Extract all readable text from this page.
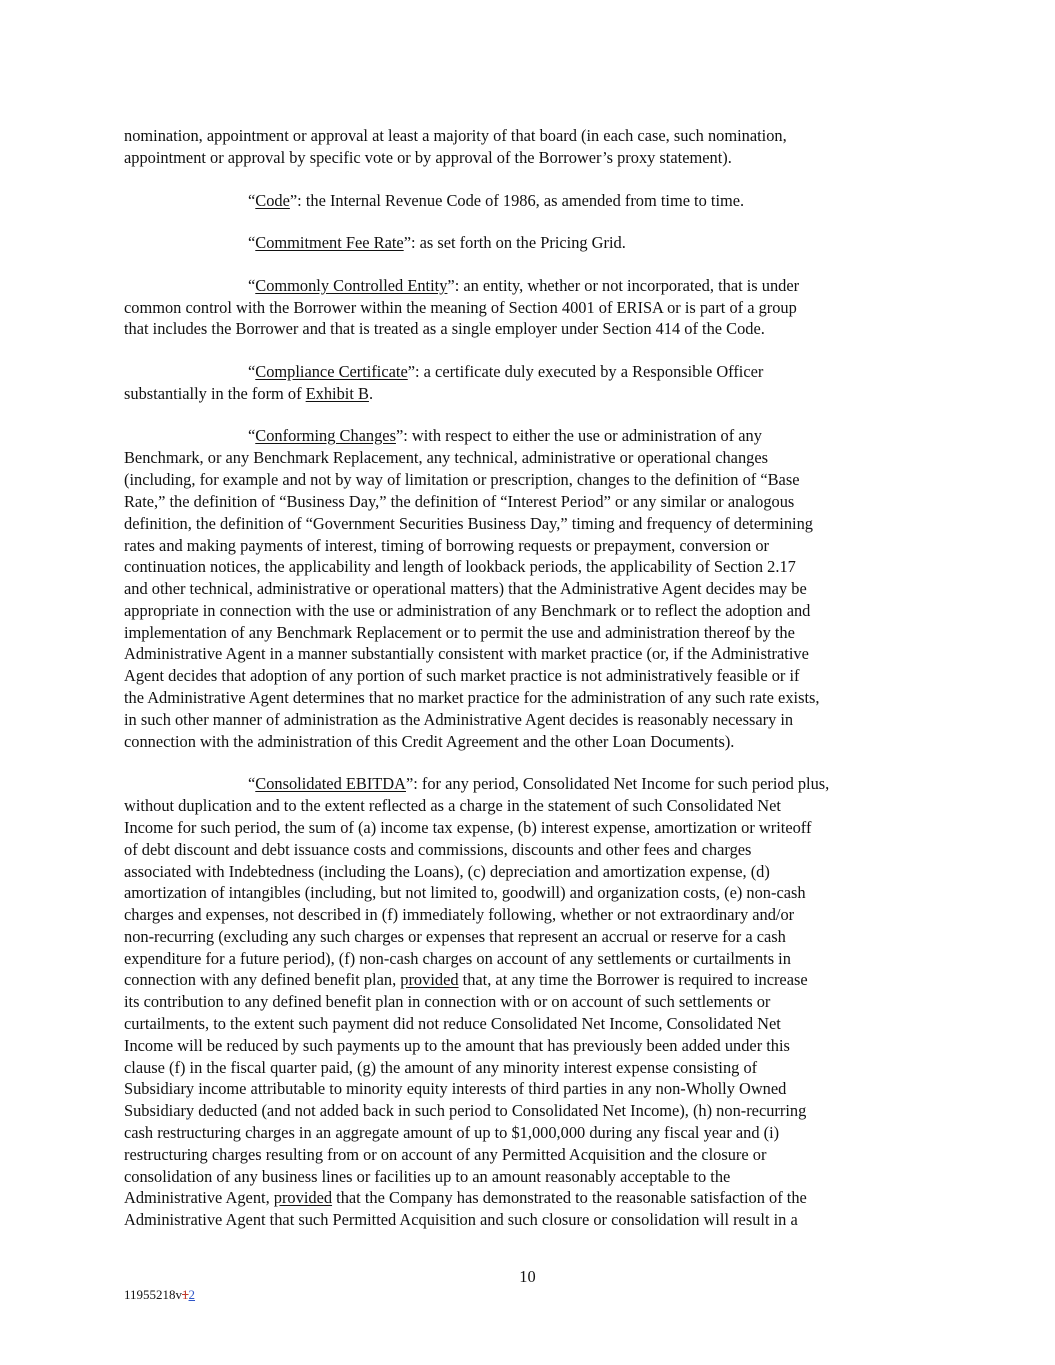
nomination, appointment or approval at least a majority of that board (in each case, such nomination,
appointment or approval by specific vote or by approval of the Borrower’s proxy statement).
“Code”: the Internal Revenue Code of 1986, as amended from time to time.
“Commitment Fee Rate”: as set forth on the Pricing Grid.
“Commonly Controlled Entity”: an entity, whether or not incorporated, that is under
common control with the Borrower within the meaning of Section 4001 of ERISA or is part of a group
that includes the Borrower and that is treated as a single employer under Section 414 of the Code.
“Compliance Certificate”: a certificate duly executed by a Responsible Officer
substantially in the form of Exhibit B.
“Conforming Changes”: with respect to either the use or administration of any
Benchmark, or any Benchmark Replacement, any technical, administrative or operational changes
(including, for example and not by way of limitation or prescription, changes to the definition of “Base
Rate,” the definition of “Business Day,” the definition of “Interest Period” or any similar or analogous
definition, the definition of “Government Securities Business Day,” timing and frequency of determining
rates and making payments of interest, timing of borrowing requests or prepayment, conversion or
continuation notices, the applicability and length of lookback periods, the applicability of Section 2.17
and other technical, administrative or operational matters) that the Administrative Agent decides may be
appropriate in connection with the use or administration of any Benchmark or to reflect the adoption and
implementation of any Benchmark Replacement or to permit the use and administration thereof by the
Administrative Agent in a manner substantially consistent with market practice (or, if the Administrative
Agent decides that adoption of any portion of such market practice is not administratively feasible or if
the Administrative Agent determines that no market practice for the administration of any such rate exists,
in such other manner of administration as the Administrative Agent decides is reasonably necessary in
connection with the administration of this Credit Agreement and the other Loan Documents).
“Consolidated EBITDA”: for any period, Consolidated Net Income for such period plus,
without duplication and to the extent reflected as a charge in the statement of such Consolidated Net
Income for such period, the sum of (a) income tax expense, (b) interest expense, amortization or writeoff
of debt discount and debt issuance costs and commissions, discounts and other fees and charges
associated with Indebtedness (including the Loans), (c) depreciation and amortization expense, (d)
amortization of intangibles (including, but not limited to, goodwill) and organization costs, (e) non-cash
charges and expenses, not described in (f) immediately following, whether or not extraordinary and/or
non-recurring (excluding any such charges or expenses that represent an accrual or reserve for a cash
expenditure for a future period), (f) non-cash charges on account of any settlements or curtailments in
connection with any defined benefit plan, provided that, at any time the Borrower is required to increase
its contribution to any defined benefit plan in connection with or on account of such settlements or
curtailments, to the extent such payment did not reduce Consolidated Net Income, Consolidated Net
Income will be reduced by such payments up to the amount that has previously been added under this
clause (f) in the fiscal quarter paid, (g) the amount of any minority interest expense consisting of
Subsidiary income attributable to minority equity interests of third parties in any non-Wholly Owned
Subsidiary deducted (and not added back in such period to Consolidated Net Income), (h) non-recurring
cash restructuring charges in an aggregate amount of up to $1,000,000 during any fiscal year and (i)
restructuring charges resulting from or on account of any Permitted Acquisition and the closure or
consolidation of any business lines or facilities up to an amount reasonably acceptable to the
Administrative Agent, provided that the Company has demonstrated to the reasonable satisfaction of the
Administrative Agent that such Permitted Acquisition and such closure or consolidation will result in a
10
11955218v12
